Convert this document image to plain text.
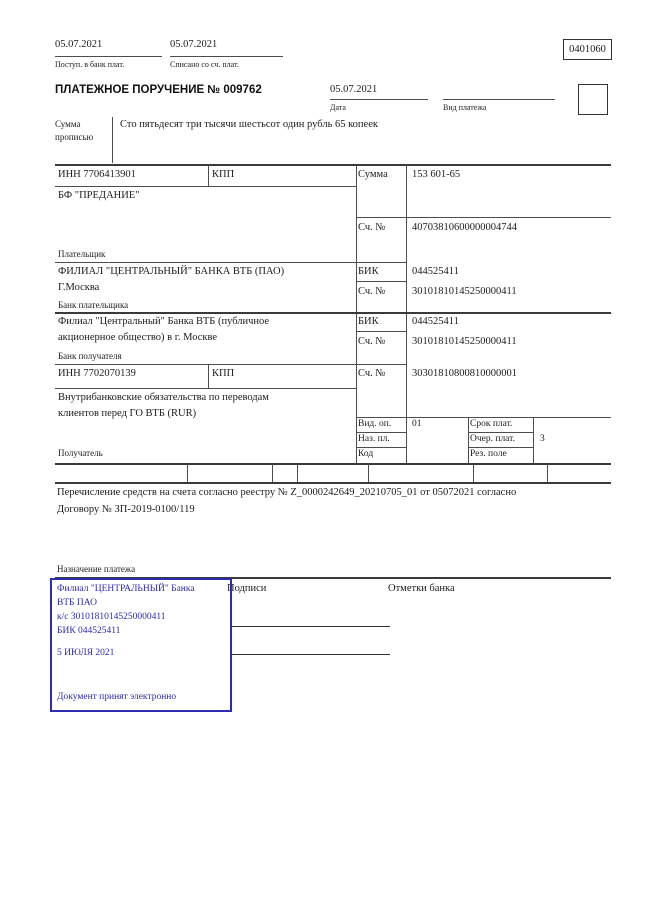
05.07.2021
Поступ. в банк плат.
05.07.2021
Списано со сч. плат.
0401060
ПЛАТЕЖНОЕ ПОРУЧЕНИЕ № 009762	05.07.2021
Дата	Вид платежа
Сумма
прописью
Сто пятьдесят три тысячи шестьсот один рубль 65 копеек
ИНН 7706413901	КПП	Сумма 153 601-65
БФ "ПРЕДАНИЕ"
Сч. №	40703810600000004744
Плательщик
ФИЛИАЛ "ЦЕНТРАЛЬНЫЙ" БАНКА ВТБ (ПАО)
Г.Москва
БИК	044525411
Сч. №	30101810145250000411
Банк плательщика
Филиал "Центральный" Банка ВТБ (публичное
акционерное общество) в г. Москве
БИК	044525411
Сч. №	30101810145250000411
Банк получателя
ИНН 7702070139	КПП	Сч. №	30301810800810000001
Внутрибанковские обязательства по переводам
клиентов перед ГО ВТБ (RUR)
Получатель
Вид. оп. 01	Срок плат.
Наз. пл.	Очер. плат.	3
Код	Рез. поле
Перечисление средств на счета согласно реестру № Z_0000242649_20210705_01 от 05072021 согласно
Договору № ЗП-2019-0100/119
Назначение платежа
Подписи	Отметки банка
Филиал "ЦЕНТРАЛЬНЫЙ" Банка
ВТБ ПАО
к/с 30101810145250000411
БИК 044525411
5 ИЮЛЯ 2021
Документ принят электронно
